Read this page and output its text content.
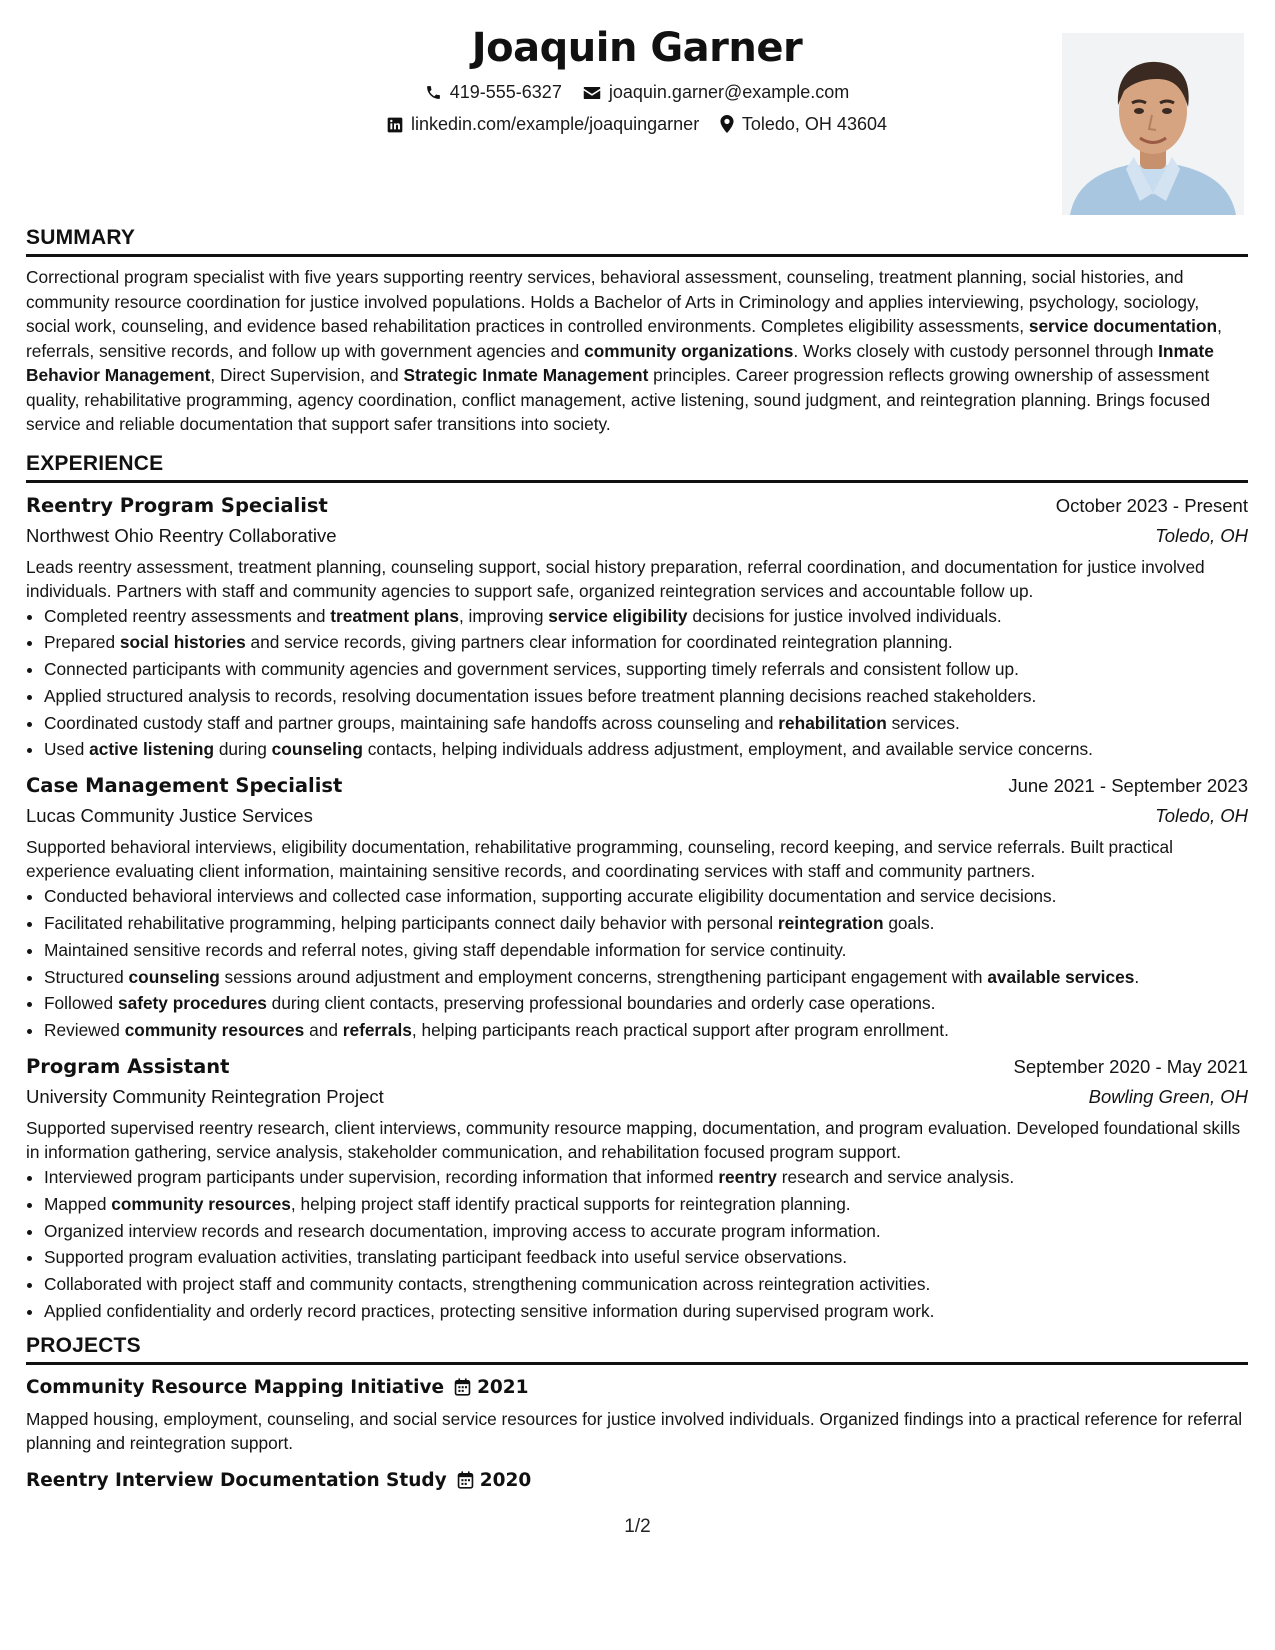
Joaquin Garner
419-555-6327	joaquin.garner@example.com
linkedin.com/example/joaquingarner Toledo, OH 43604
SUMMARY
Correctional program specialist with five years supporting reentry services, behavioral assessment, counseling, treatment planning, social histories, and community resource coordination for justice involved populations. Holds a Bachelor of Arts in Criminology and applies interviewing, psychology, sociology, social work, counseling, and evidence based rehabilitation practices in controlled environments. Completes eligibility assessments, service documentation, referrals, sensitive records, and follow up with government agencies and community organizations. Works closely with custody personnel through Inmate Behavior Management, Direct Supervision, and Strategic Inmate Management principles. Career progression reflects growing ownership of assessment quality, rehabilitative programming, agency coordination, conflict management, active listening, sound judgment, and reintegration planning. Brings focused service and reliable documentation that support safer transitions into society.
EXPERIENCE
Reentry Program Specialist	October 2023 - Present
Northwest Ohio Reentry Collaborative	Toledo, OH
Leads reentry assessment, treatment planning, counseling support, social history preparation, referral coordination, and documentation for justice involved individuals. Partners with staff and community agencies to support safe, organized reintegration services and accountable follow up.
• Completed reentry assessments and treatment plans, improving service eligibility decisions for justice involved individuals.
• Prepared social histories and service records, giving partners clear information for coordinated reintegration planning.
• Connected participants with community agencies and government services, supporting timely referrals and consistent follow up.
• Applied structured analysis to records, resolving documentation issues before treatment planning decisions reached stakeholders.
• Coordinated custody staff and partner groups, maintaining safe handoffs across counseling and rehabilitation services.
• Used active listening during counseling contacts, helping individuals address adjustment, employment, and available service concerns.
Case Management Specialist	June 2021 - September 2023
Lucas Community Justice Services	Toledo, OH
Supported behavioral interviews, eligibility documentation, rehabilitative programming, counseling, record keeping, and service referrals. Built practical experience evaluating client information, maintaining sensitive records, and coordinating services with staff and community partners.
• Conducted behavioral interviews and collected case information, supporting accurate eligibility documentation and service decisions.
• Facilitated rehabilitative programming, helping participants connect daily behavior with personal reintegration goals.
• Maintained sensitive records and referral notes, giving staff dependable information for service continuity.
• Structured counseling sessions around adjustment and employment concerns, strengthening participant engagement with available services.
• Followed safety procedures during client contacts, preserving professional boundaries and orderly case operations.
• Reviewed community resources and referrals, helping participants reach practical support after program enrollment.
Program Assistant	September 2020 - May 2021
University Community Reintegration Project	Bowling Green, OH
Supported supervised reentry research, client interviews, community resource mapping, documentation, and program evaluation. Developed foundational skills in information gathering, service analysis, stakeholder communication, and rehabilitation focused program support.
• Interviewed program participants under supervision, recording information that informed reentry research and service analysis.
• Mapped community resources, helping project staff identify practical supports for reintegration planning.
• Organized interview records and research documentation, improving access to accurate program information.
• Supported program evaluation activities, translating participant feedback into useful service observations.
• Collaborated with project staff and community contacts, strengthening communication across reintegration activities.
• Applied confidentiality and orderly record practices, protecting sensitive information during supervised program work.
PROJECTS
Community Resource Mapping Initiative 2021
Mapped housing, employment, counseling, and social service resources for justice involved individuals. Organized findings into a practical reference for referral planning and reintegration support.
Reentry Interview Documentation Study 2020
1/2
